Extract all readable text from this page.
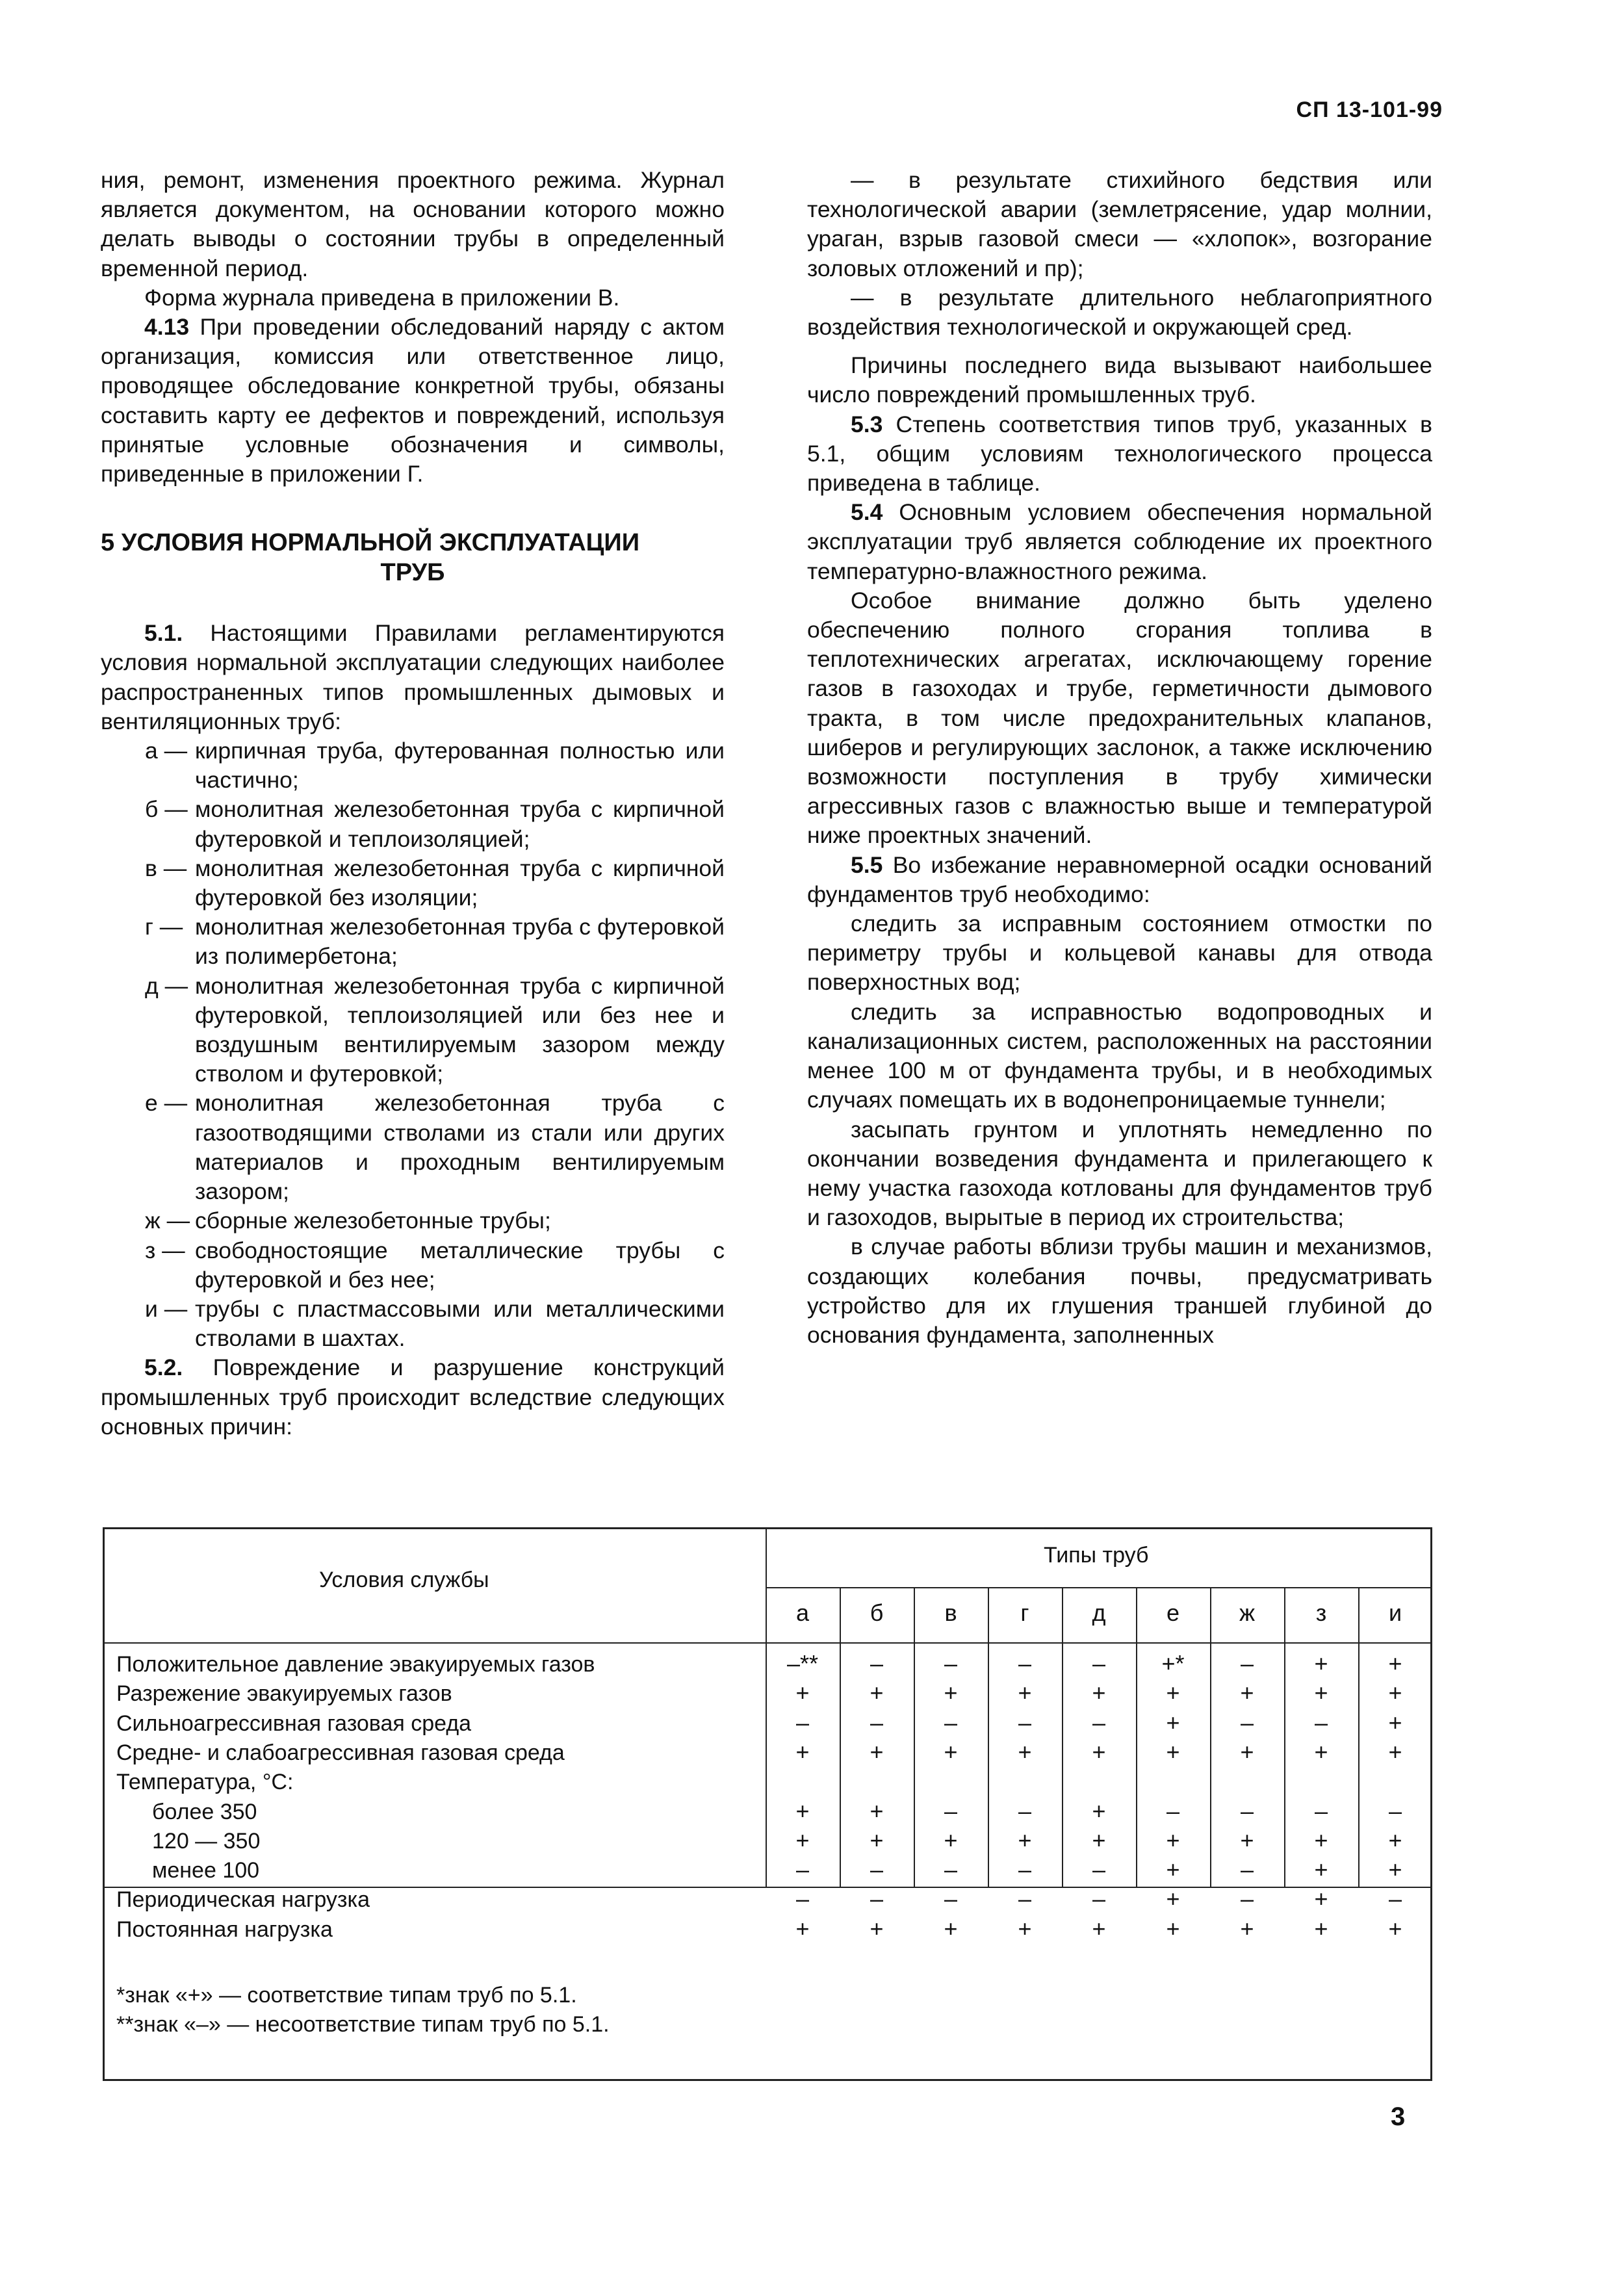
СП 13-101-99

ния, ремонт, изменения проектного режима. Журнал является документом, на основании которого можно делать выводы о состоянии трубы в определенный временной период.

Форма журнала приведена в приложении В.

4.13 При проведении обследований наряду с актом организация, комиссия или ответственное лицо, проводящее обследование конкретной трубы, обязаны составить карту ее дефектов и повреждений, используя принятые условные обозначения и символы, приведенные в приложении Г.

5 УСЛОВИЯ НОРМАЛЬНОЙ ЭКСПЛУАТАЦИИ
ТРУБ

5.1. Настоящими Правилами регламентируются условия нормальной эксплуатации следующих наиболее распространенных типов промышленных дымовых и вентиляционных труб:

а — кирпичная труба, футерованная полностью или частично;
б — монолитная железобетонная труба с кирпичной футеровкой и теплоизоляцией;
в — монолитная железобетонная труба с кирпичной футеровкой без изоляции;
г — монолитная железобетонная труба с футеровкой из полимербетона;
д — монолитная железобетонная труба с кирпичной футеровкой, теплоизоляцией или без нее и воздушным вентилируемым зазором между стволом и футеровкой;
е — монолитная железобетонная труба с газоотводящими стволами из стали или других материалов и проходным вентилируемым зазором;
ж — сборные железобетонные трубы;
з — свободностоящие металлические трубы с футеровкой и без нее;
и — трубы с пластмассовыми или металлическими стволами в шахтах.

5.2. Повреждение и разрушение конструкций промышленных труб происходит вследствие следующих основных причин:

— в результате стихийного бедствия или технологической аварии (землетрясение, удар молнии, ураган, взрыв газовой смеси — «хлопок», возгорание золовых отложений и пр);

— в результате длительного неблагоприятного воздействия технологической и окружающей сред.

Причины последнего вида вызывают наибольшее число повреждений промышленных труб.

5.3 Степень соответствия типов труб, указанных в 5.1, общим условиям технологического процесса приведена в таблице.

5.4 Основным условием обеспечения нормальной эксплуатации труб является соблюдение их проектного температурно-влажностного режима.

Особое внимание должно быть уделено обеспечению полного сгорания топлива в теплотехнических агрегатах, исключающему горение газов в газоходах и трубе, герметичности дымового тракта, в том числе предохранительных клапанов, шиберов и регулирующих заслонок, а также исключению возможности поступления в трубу химически агрессивных газов с влажностью выше и температурой ниже проектных значений.

5.5 Во избежание неравномерной осадки оснований фундаментов труб необходимо:

следить за исправным состоянием отмостки по периметру трубы и кольцевой канавы для отвода поверхностных вод;

следить за исправностью водопроводных и канализационных систем, расположенных на расстоянии менее 100 м от фундамента трубы, и в необходимых случаях помещать их в водонепроницаемые туннели;

засыпать грунтом и уплотнять немедленно по окончании возведения фундамента и прилегающего к нему участка газохода котлованы для фундаментов труб и газоходов, вырытые в период их строительства;

в случае работы вблизи трубы машин и механизмов, создающих колебания почвы, предусматривать устройство для их глушения траншей глубиной до основания фундамента, заполненных

Условия службы
Типы труб
*знак «+» — соответствие типам труб по 5.1.
**знак «–» — несоответствие типам труб по 5.1.
а	б	в	г	д	е	ж	з	и
Положительное давление эвакуируемых газов	–**	–	–	–	–	+*	–	+	+
Разрежение эвакуируемых газов	+	+	+	+	+	+	+	+	+
Сильноагрессивная газовая среда	–	–	–	–	–	+	–	–	+
Средне- и слабоагрессивная газовая среда	+	+	+	+	+	+	+	+	+
Температура, °С:
более 350	+	+	–	–	+	–	–	–	–
120 — 350	+	+	+	+	+	+	+	+	+
менее 100	–	–	–	–	–	+	–	+	+
Периодическая нагрузка	–	–	–	–	–	+	–	+	–
Постоянная нагрузка	+	+	+	+	+	+	+	+	+
3
